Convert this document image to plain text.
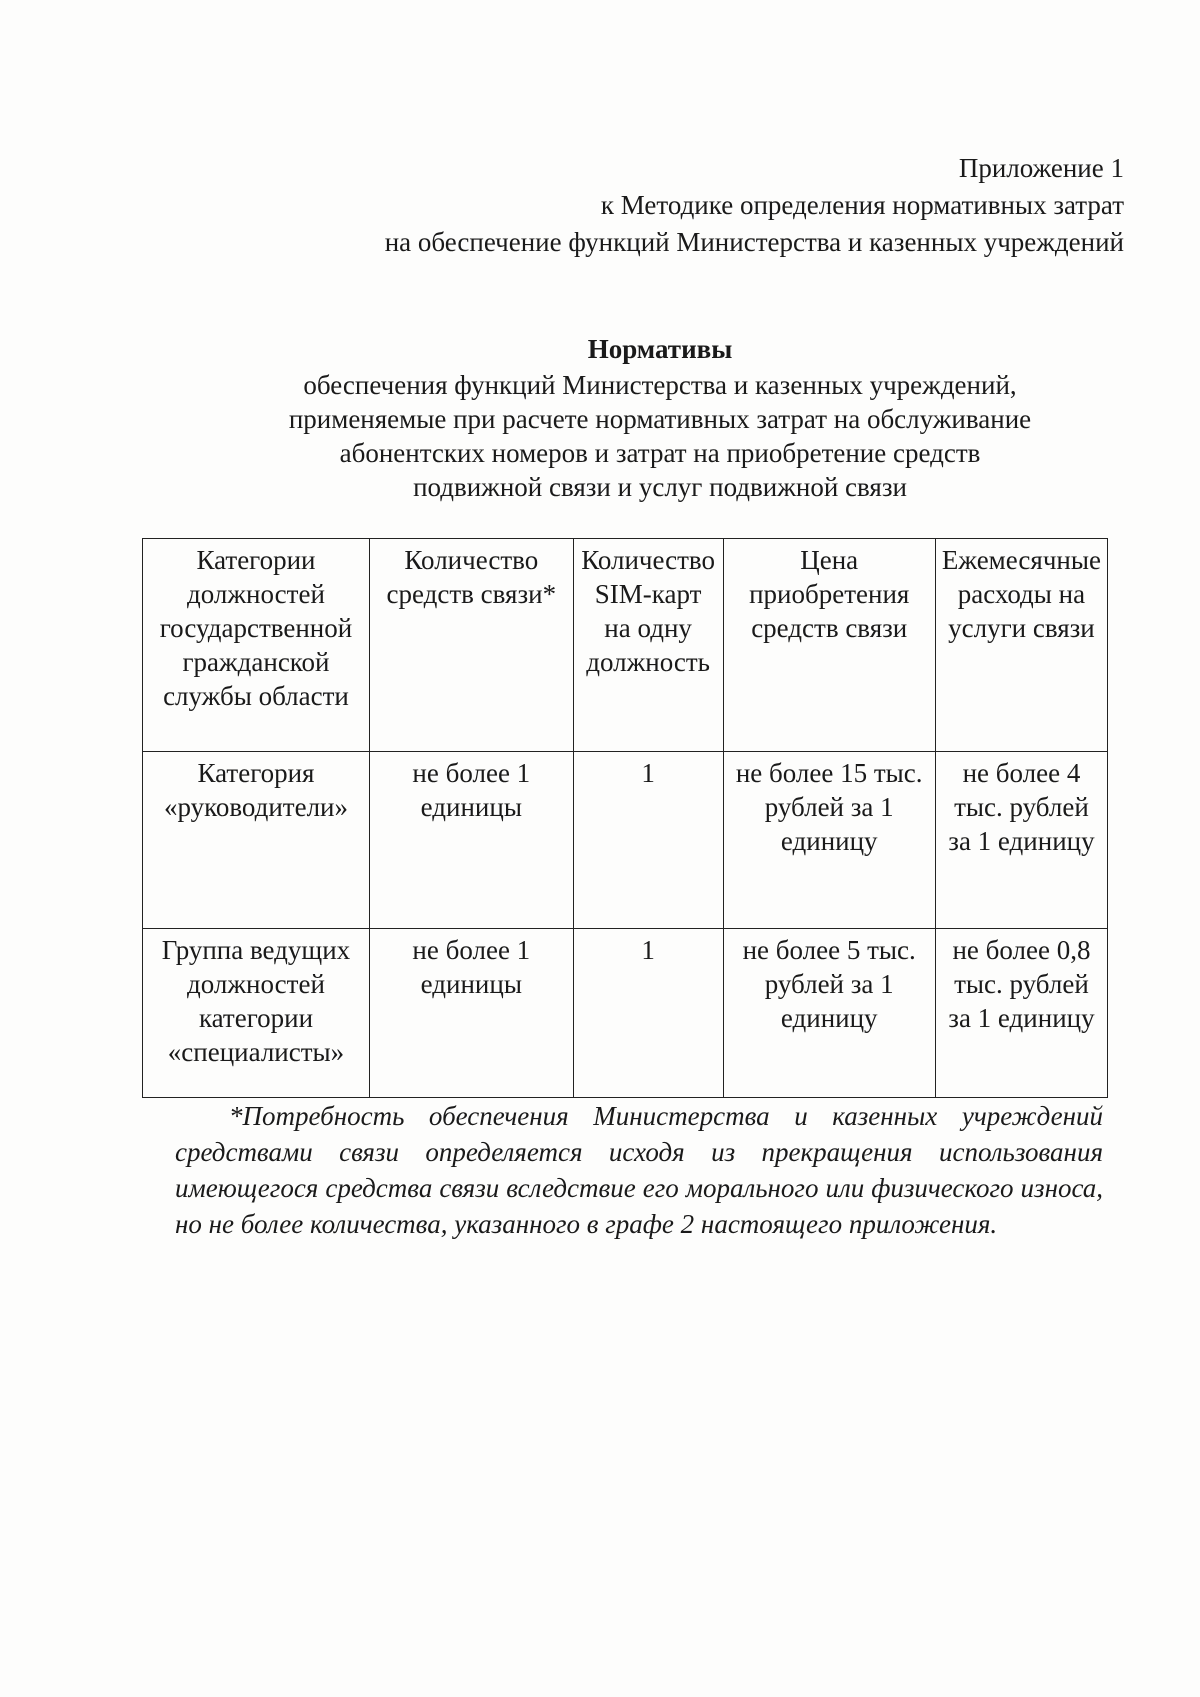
Приложение 1
к Методике определения нормативных затрат
на обеспечение функций Министерства и казенных учреждений
Нормативы
обеспечения функций Министерства и казенных учреждений,
применяемые при расчете нормативных затрат на обслуживание
абонентских номеров и затрат на приобретение средств
подвижной связи и услуг подвижной связи
Категории должностей государственной гражданской службы области	Количество средств связи*	Количество SIM-карт на одну должность	Цена приобретения средств связи	Ежемесячные расходы на услуги связи
Категория «руководители»	не более 1 единицы	1	не более 15 тыс. рублей за 1 единицу	не более 4 тыс. рублей за 1 единицу
Группа ведущих должностей категории «специалисты»	не более 1 единицы	1	не более 5 тыс. рублей за 1 единицу	не более 0,8 тыс. рублей за 1 единицу
*Потребность обеспечения Министерства и казенных учреждений средствами связи определяется исходя из прекращения использования имеющегося средства связи вследствие его морального или физического износа, но не более количества, указанного в графе 2 настоящего приложения.
